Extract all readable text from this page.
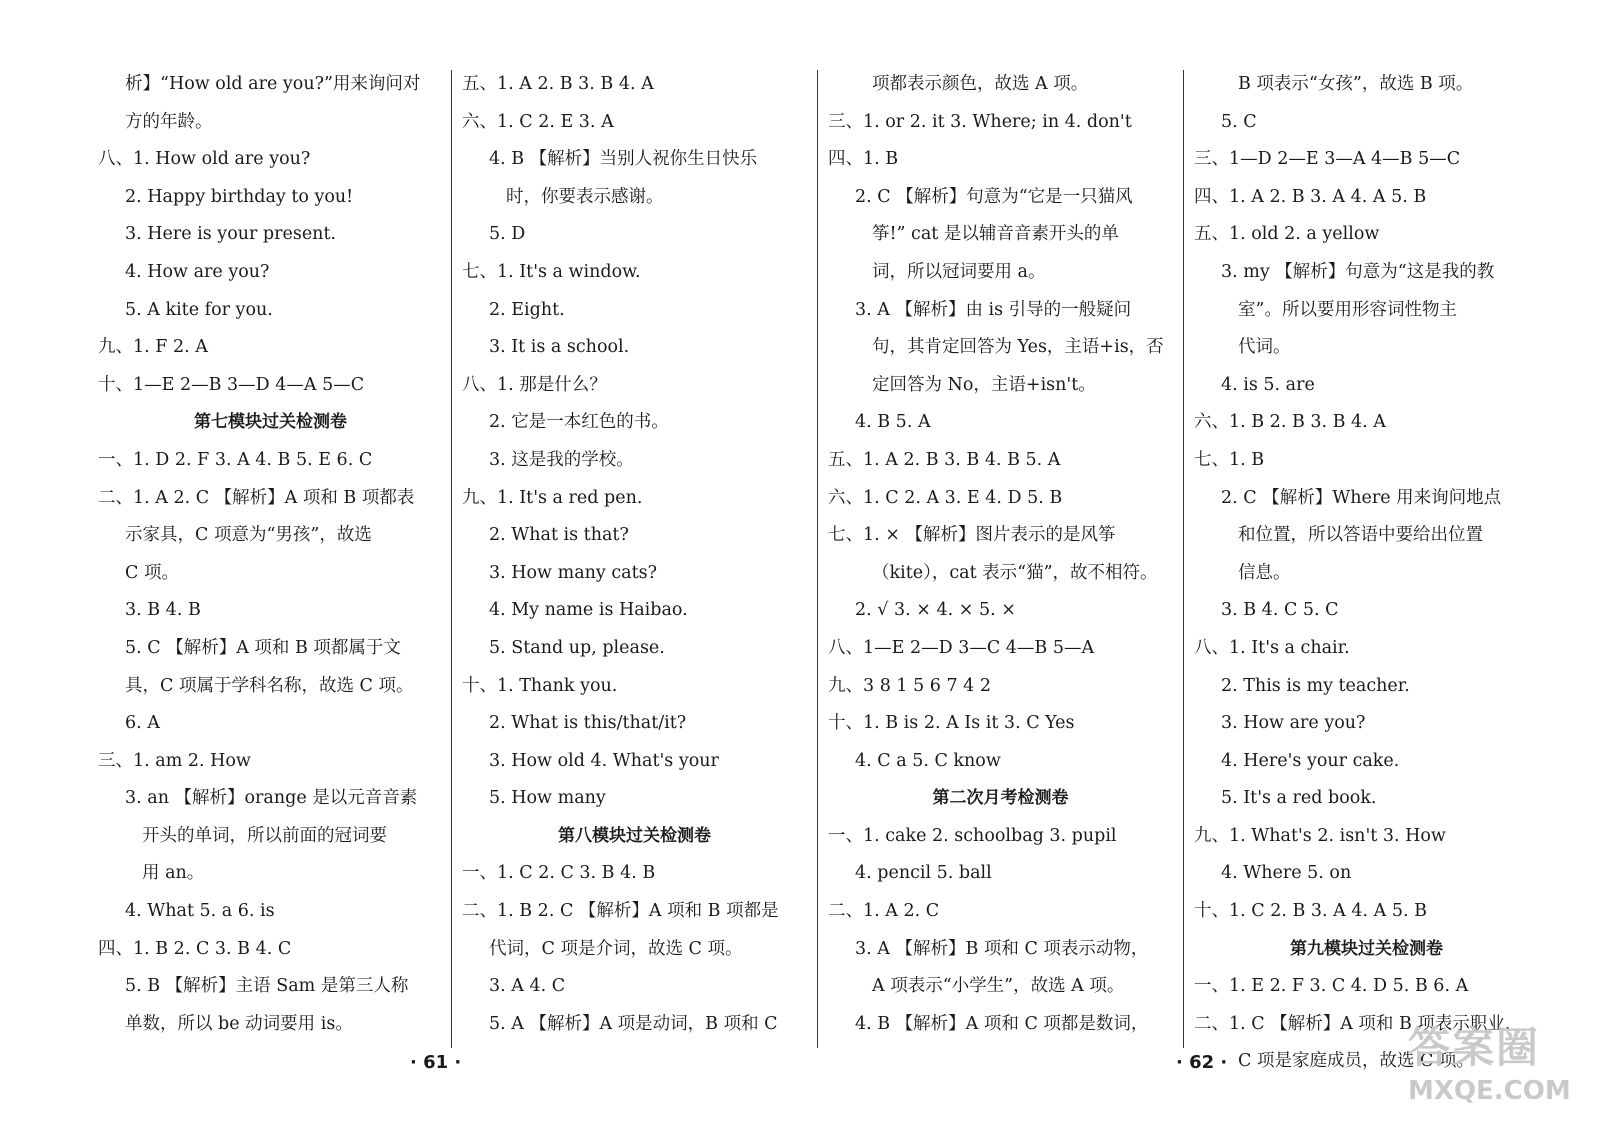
析】“How old are you?”用来询问对
方的年龄。
八、1. How old are you?
2. Happy birthday to you!
3. Here is your present.
4. How are you?
5. A kite for you.
九、1. F 2. A
十、1—E 2—B 3—D 4—A 5—C
第七模块过关检测卷
一、1. D 2. F 3. A 4. B 5. E 6. C
二、1. A 2. C 【解析】A 项和 B 项都表
示家具，C 项意为“男孩”，故选
C 项。
3. B 4. B
5. C 【解析】A 项和 B 项都属于文
具，C 项属于学科名称，故选 C 项。
6. A
三、1. am 2. How
3. an 【解析】orange 是以元音音素
开头的单词，所以前面的冠词要
用 an。
4. What 5. a 6. is
四、1. B 2. C 3. B 4. C
5. B 【解析】主语 Sam 是第三人称
单数，所以 be 动词要用 is。
五、1. A 2. B 3. B 4. A
六、1. C 2. E 3. A
4. B 【解析】当别人祝你生日快乐
时，你要表示感谢。
5. D
七、1. It's a window.
2. Eight.
3. It is a school.
八、1. 那是什么？
2. 它是一本红色的书。
3. 这是我的学校。
九、1. It's a red pen.
2. What is that?
3. How many cats?
4. My name is Haibao.
5. Stand up, please.
十、1. Thank you.
2. What is this/that/it?
3. How old 4. What's your
5. How many
第八模块过关检测卷
一、1. C 2. C 3. B 4. B
二、1. B 2. C 【解析】A 项和 B 项都是
代词，C 项是介词，故选 C 项。
3. A 4. C
5. A 【解析】A 项是动词，B 项和 C
项都表示颜色，故选 A 项。
三、1. or 2. it 3. Where; in 4. don't
四、1. B
2. C 【解析】句意为“它是一只猫风
筝!” cat 是以辅音音素开头的单
词，所以冠词要用 a。
3. A 【解析】由 is 引导的一般疑问
句，其肯定回答为 Yes，主语+is，否
定回答为 No，主语+isn't。
4. B 5. A
五、1. A 2. B 3. B 4. B 5. A
六、1. C 2. A 3. E 4. D 5. B
七、1. × 【解析】图片表示的是风筝
（kite），cat 表示“猫”，故不相符。
2. √ 3. × 4. × 5. ×
八、1—E 2—D 3—C 4—B 5—A
九、3 8 1 5 6 7 4 2
十、1. B is 2. A Is it 3. C Yes
4. C a 5. C know
第二次月考检测卷
一、1. cake 2. schoolbag 3. pupil
4. pencil 5. ball
二、1. A 2. C
3. A 【解析】B 项和 C 项表示动物，
A 项表示“小学生”，故选 A 项。
4. B 【解析】A 项和 C 项都是数词，
B 项表示“女孩”，故选 B 项。
5. C
三、1—D 2—E 3—A 4—B 5—C
四、1. A 2. B 3. A 4. A 5. B
五、1. old 2. a yellow
3. my 【解析】句意为“这是我的教
室”。所以要用形容词性物主
代词。
4. is 5. are
六、1. B 2. B 3. B 4. A
七、1. B
2. C 【解析】Where 用来询问地点
和位置，所以答语中要给出位置
信息。
3. B 4. C 5. C
八、1. It's a chair.
2. This is my teacher.
3. How are you?
4. Here's your cake.
5. It's a red book.
九、1. What's 2. isn't 3. How
4. Where 5. on
十、1. C 2. B 3. A 4. A 5. B
第九模块过关检测卷
一、1. E 2. F 3. C 4. D 5. B 6. A
二、1. C 【解析】A 项和 B 项表示职业，
C 项是家庭成员，故选 C 项。
· 61 ·	· 62 ·	答案圈
MXQE.COM
